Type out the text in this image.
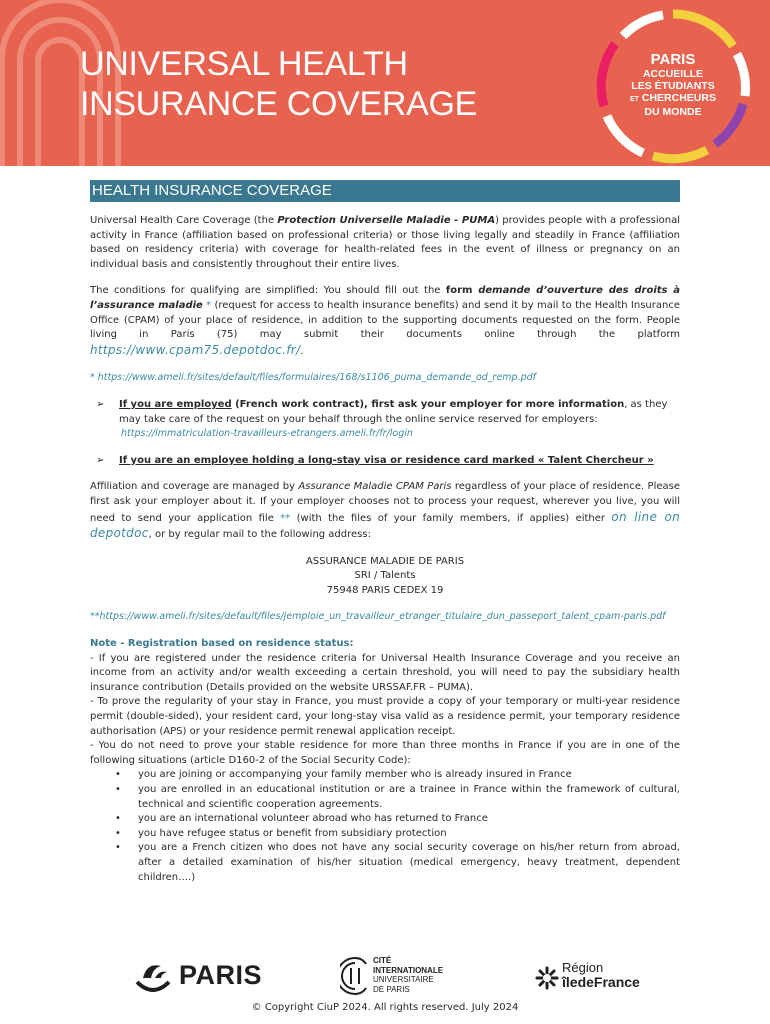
UNIVERSAL HEALTH
INSURANCE COVERAGE
PARIS
ACCUEILLE
LES ÉTUDIANTS
ET CHERCHEURS
DU MONDE
HEALTH INSURANCE COVERAGE

Universal Health Care Coverage (the Protection Universelle Maladie - PUMA) provides people with a professional activity in France (affiliation based on professional criteria) or those living legally and steadily in France (affiliation based on residency criteria) with coverage for health-related fees in the event of illness or pregnancy on an individual basis and consistently throughout their entire lives.

The conditions for qualifying are simplified: You should fill out the form demande d’ouverture des droits à l’assurance maladie * (request for access to health insurance benefits) and send it by mail to the Health Insurance Office (CPAM) of your place of residence, in addition to the supporting documents requested on the form. People living in Paris (75) may submit their documents online through the platform https://www.cpam75.depotdoc.fr/.

* https://www.ameli.fr/sites/default/files/formulaires/168/s1106_puma_demande_od_remp.pdf

➢ If you are employed (French work contract), first ask your employer for more information, as they may take care of the request on your behalf through the online service reserved for employers:
https://immatriculation-travailleurs-etrangers.ameli.fr/fr/login
➢ If you are an employee holding a long-stay visa or residence card marked « Talent Chercheur »

Affiliation and coverage are managed by Assurance Maladie CPAM Paris regardless of your place of residence. Please first ask your employer about it. If your employer chooses not to process your request, wherever you live, you will need to send your application file ** (with the files of your family members, if applies) either on line on depotdoc, or by regular mail to the following address:

ASSURANCE MALADIE DE PARIS
SRI / Talents
75948 PARIS CEDEX 19

**https://www.ameli.fr/sites/default/files/jemploie_un_travailleur_etranger_titulaire_dun_passeport_talent_cpam-paris.pdf

Note - Registration based on residence status:

- If you are registered under the residence criteria for Universal Health Insurance Coverage and you receive an income from an activity and/or wealth exceeding a certain threshold, you will need to pay the subsidiary health insurance contribution (Details provided on the website URSSAF.FR – PUMA).

- To prove the regularity of your stay in France, you must provide a copy of your temporary or multi-year residence permit (double-sided), your resident card, your long-stay visa valid as a residence permit, your temporary residence authorisation (APS) or your residence permit renewal application receipt.

- You do not need to prove your stable residence for more than three months in France if you are in one of the following situations (article D160-2 of the Social Security Code):

• you are joining or accompanying your family member who is already insured in France
• you are enrolled in an educational institution or are a trainee in France within the framework of cultural, technical and scientific cooperation agreements.
• you are an international volunteer abroad who has returned to France
• you have refugee status or benefit from subsidiary protection
• you are a French citizen who does not have any social security coverage on his/her return from abroad, after a detailed examination of his/her situation (medical emergency, heavy treatment, dependent children….)
PARIS	CITÉ
INTERNATIONALE
UNIVERSITAIRE
DE PARIS
Région
îledeFrance
© Copyright CiuP 2024. All rights reserved. July 2024
